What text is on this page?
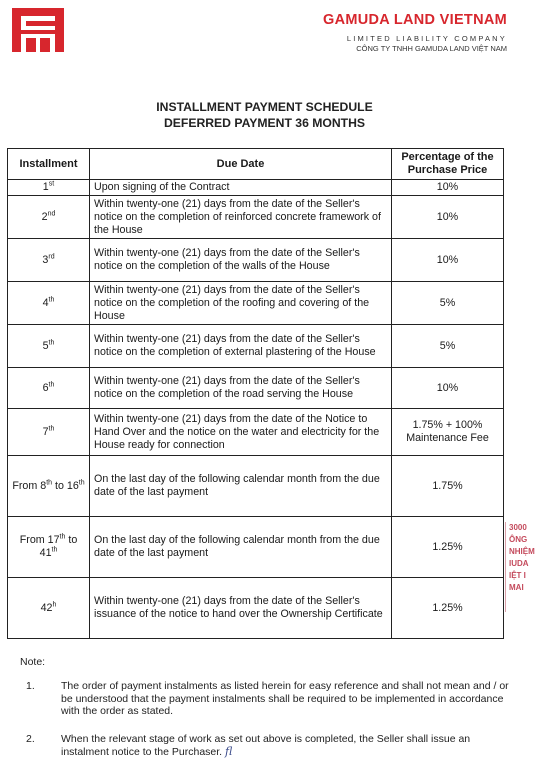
GAMUDA LAND VIETNAM
LIMITED LIABILITY COMPANY
CÔNG TY TNHH GAMUDA LAND VIỆT NAM
INSTALLMENT PAYMENT SCHEDULE
DEFERRED PAYMENT 36 MONTHS
Installment	Due Date	Percentage of the Purchase Price
1st	Upon signing of the Contract	10%
2nd	Within twenty-one (21) days from the date of the Seller's notice on the completion of reinforced concrete framework of the House	10%
3rd	Within twenty-one (21) days from the date of the Seller's notice on the completion of the walls of the House	10%
4th	Within twenty-one (21) days from the date of the Seller's notice on the completion of the roofing and covering of the House	5%
5th	Within twenty-one (21) days from the date of the Seller's notice on the completion of external plastering of the House	5%
6th	Within twenty-one (21) days from the date of the Seller's notice on the completion of the road serving the House	10%
7th	Within twenty-one (21) days from the date of the Notice to Hand Over and the notice on the water and electricity for the House ready for connection	1.75% + 100% Maintenance Fee
From 8th to 16th	On the last day of the following calendar month from the due date of the last payment	1.75%
From 17th to 41th	On the last day of the following calendar month from the due date of the last payment	1.25%
42$^h$	Within twenty-one (21) days from the date of the Seller's issuance of the notice to hand over the Ownership Certificate	1.25%
3000
ÔNG
NHIỆM
IUDA
IỆT I
MAI
Note:
1. The order of payment instalments as listed herein for easy reference and shall not mean and / or be understood that the payment instalments shall be required to be implemented in accordance with the order as stated.
2. When the relevant stage of work as set out above is completed, the Seller shall issue an instalment notice to the Purchaser. fl
